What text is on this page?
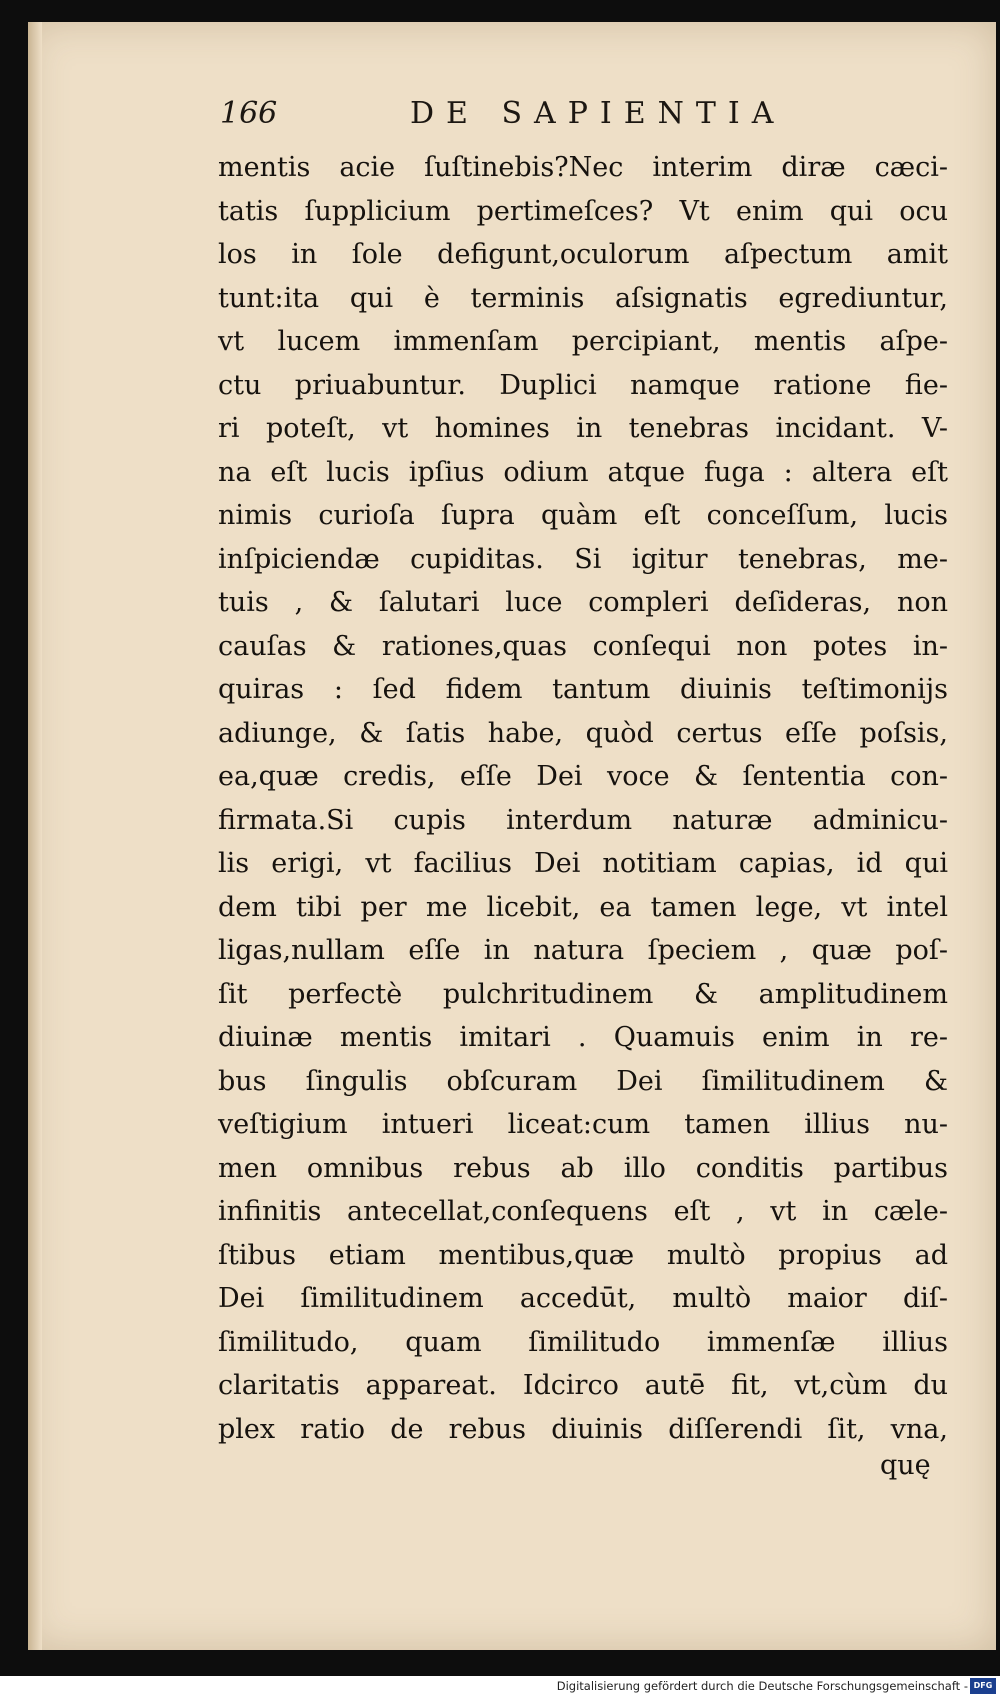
166	DE SAPIENTIA
mentis acie ſuſtinebis?Nec interim diræ cæci-
tatis ſupplicium pertimeſces? Vt enim qui ocu
los in ſole defigunt,oculorum aſpectum amit
tunt:ita qui è terminis aſsignatis egrediuntur,
vt lucem immenſam percipiant, mentis aſpe-
ctu priuabuntur. Duplici namque ratione fie-
ri poteſt, vt homines in tenebras incidant. V-
na eſt lucis ipſius odium atque fuga : altera eſt
nimis curioſa ſupra quàm eſt conceſſum, lucis
inſpiciendæ cupiditas. Si igitur tenebras, me-
tuis , & ſalutari luce compleri deſideras, non
cauſas & rationes,quas conſequi non potes in-
quiras : ſed fidem tantum diuinis teſtimonijs
adiunge, & ſatis habe, quòd certus eſſe poſsis,
ea,quæ credis, eſſe Dei voce & ſententia con-
firmata.Si cupis interdum naturæ adminicu-
lis erigi, vt facilius Dei notitiam capias, id qui
dem tibi per me licebit, ea tamen lege, vt intel
ligas,nullam eſſe in natura ſpeciem , quæ poſ-
ſit perfectè pulchritudinem & amplitudinem
diuinæ mentis imitari . Quamuis enim in re-
bus ſingulis obſcuram Dei ſimilitudinem &
veſtigium intueri liceat:cum tamen illius nu-
men omnibus rebus ab illo conditis partibus
infinitis antecellat,conſequens eſt , vt in cæle-
ſtibus etiam mentibus,quæ multò propius ad
Dei ſimilitudinem accedūt, multò maior diſ-
ſimilitudo, quam ſimilitudo immenſæ illius
claritatis appareat. Idcirco autē fit, vt,cùm du
plex ratio de rebus diuinis diſſerendi ſit, vna,
quę
Digitalisierung gefördert durch die Deutsche Forschungsgemeinschaft - DFG
